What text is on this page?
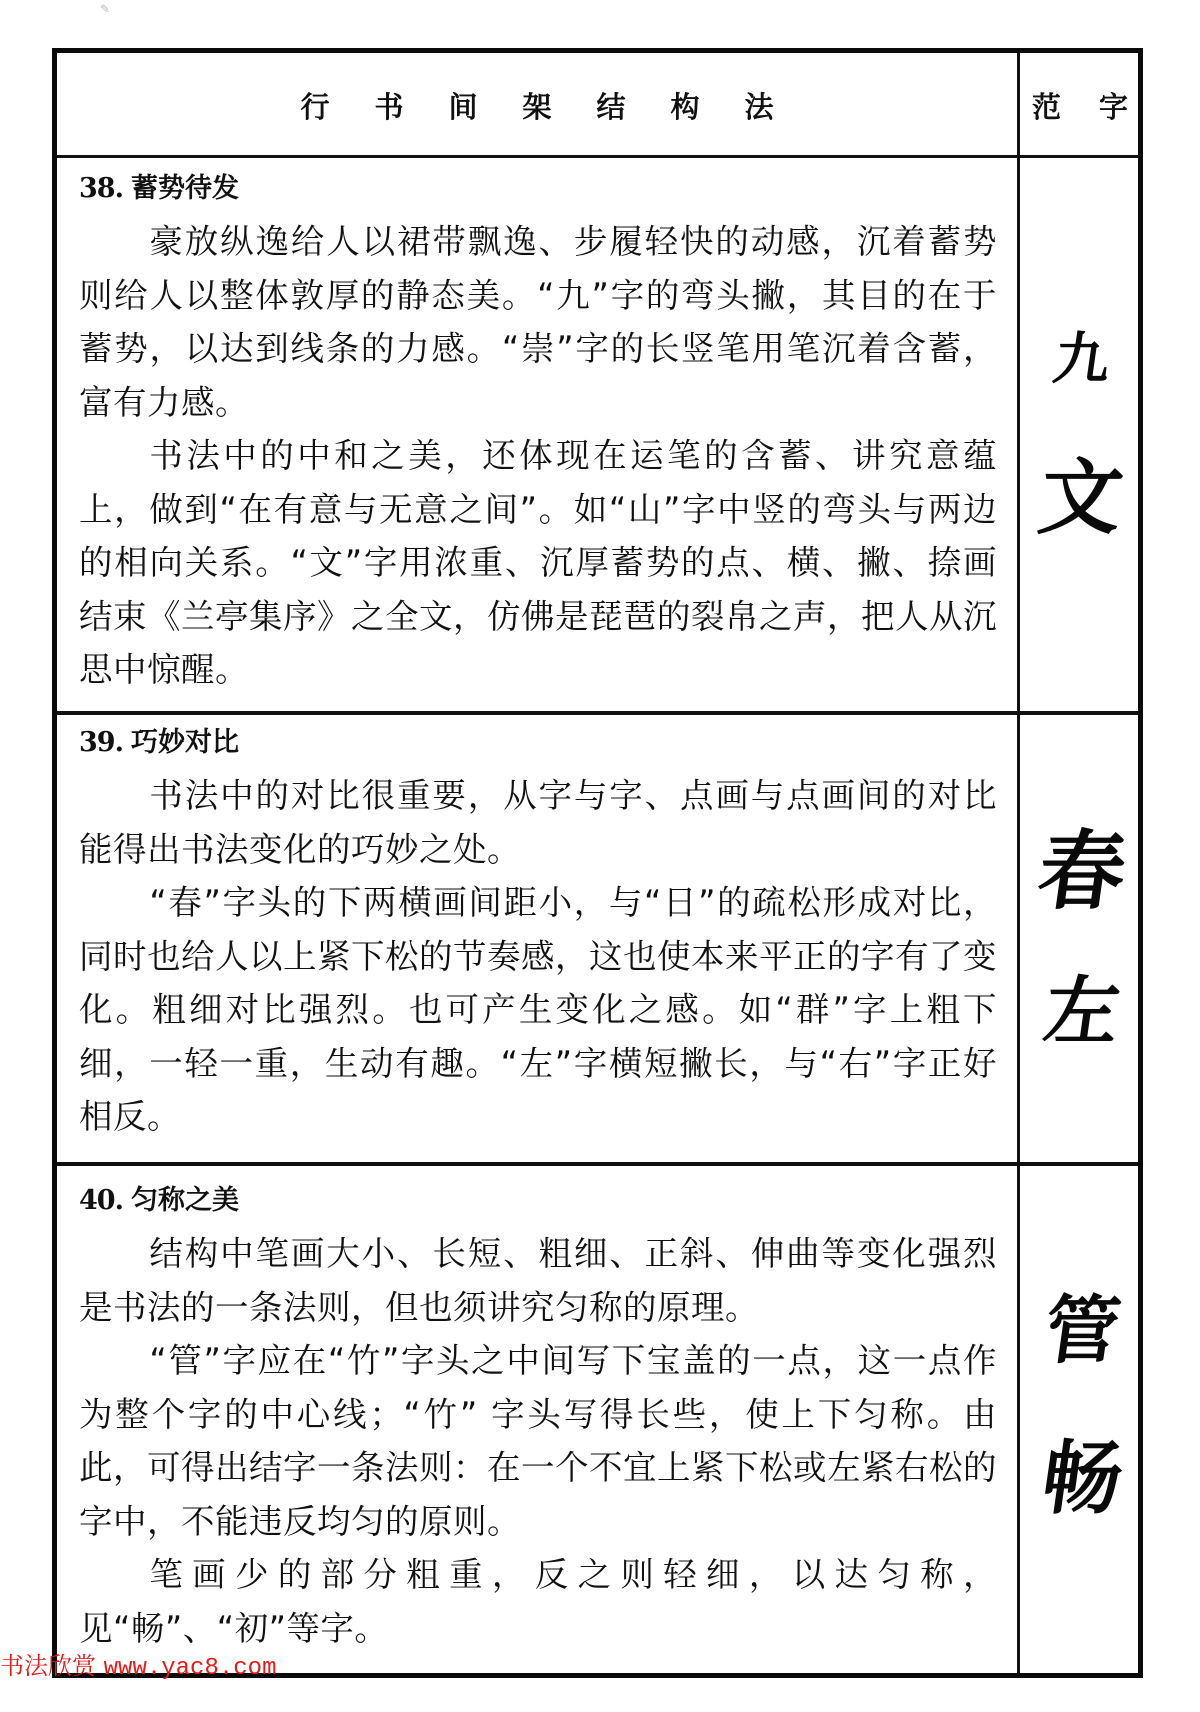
✎
行书间架结构法	范 字
38. 蓄势待发

豪放纵逸给人以裙带飘逸、步履轻快的动感，沉着蓄势则给人以整体敦厚的静态美。“九”字的弯头撇，其目的在于蓄势，以达到线条的力感。“崇”字的长竖笔用笔沉着含蓄，富有力感。

书法中的中和之美，还体现在运笔的含蓄、讲究意蕴上，做到“在有意与无意之间”。如“山”字中竖的弯头与两边的相向关系。“文”字用浓重、沉厚蓄势的点、横、撇、捺画结束《兰亭集序》之全文，仿佛是琵琶的裂帛之声，把人从沉思中惊醒。

九
文
39. 巧妙对比

书法中的对比很重要，从字与字、点画与点画间的对比能得出书法变化的巧妙之处。

“春”字头的下两横画间距小，与“日”的疏松形成对比，同时也给人以上紧下松的节奏感，这也使本来平正的字有了变化。粗细对比强烈。也可产生变化之感。如“群”字上粗下细，一轻一重，生动有趣。“左”字横短撇长，与“右”字正好相反。

春
左
40. 匀称之美

结构中笔画大小、长短、粗细、正斜、伸曲等变化强烈是书法的一条法则，但也须讲究匀称的原理。

“管”字应在“竹”字头之中间写下宝盖的一点，这一点作为整个字的中心线；“竹” 字头写得长些，使上下匀称。由此，可得出结字一条法则：在一个不宜上紧下松或左紧右松的字中，不能违反均匀的原则。

笔画少的部分粗重，反之则轻细，以达匀称，见“畅”、“初”等字。

管
畅
书法欣赏 www.yac8.com
